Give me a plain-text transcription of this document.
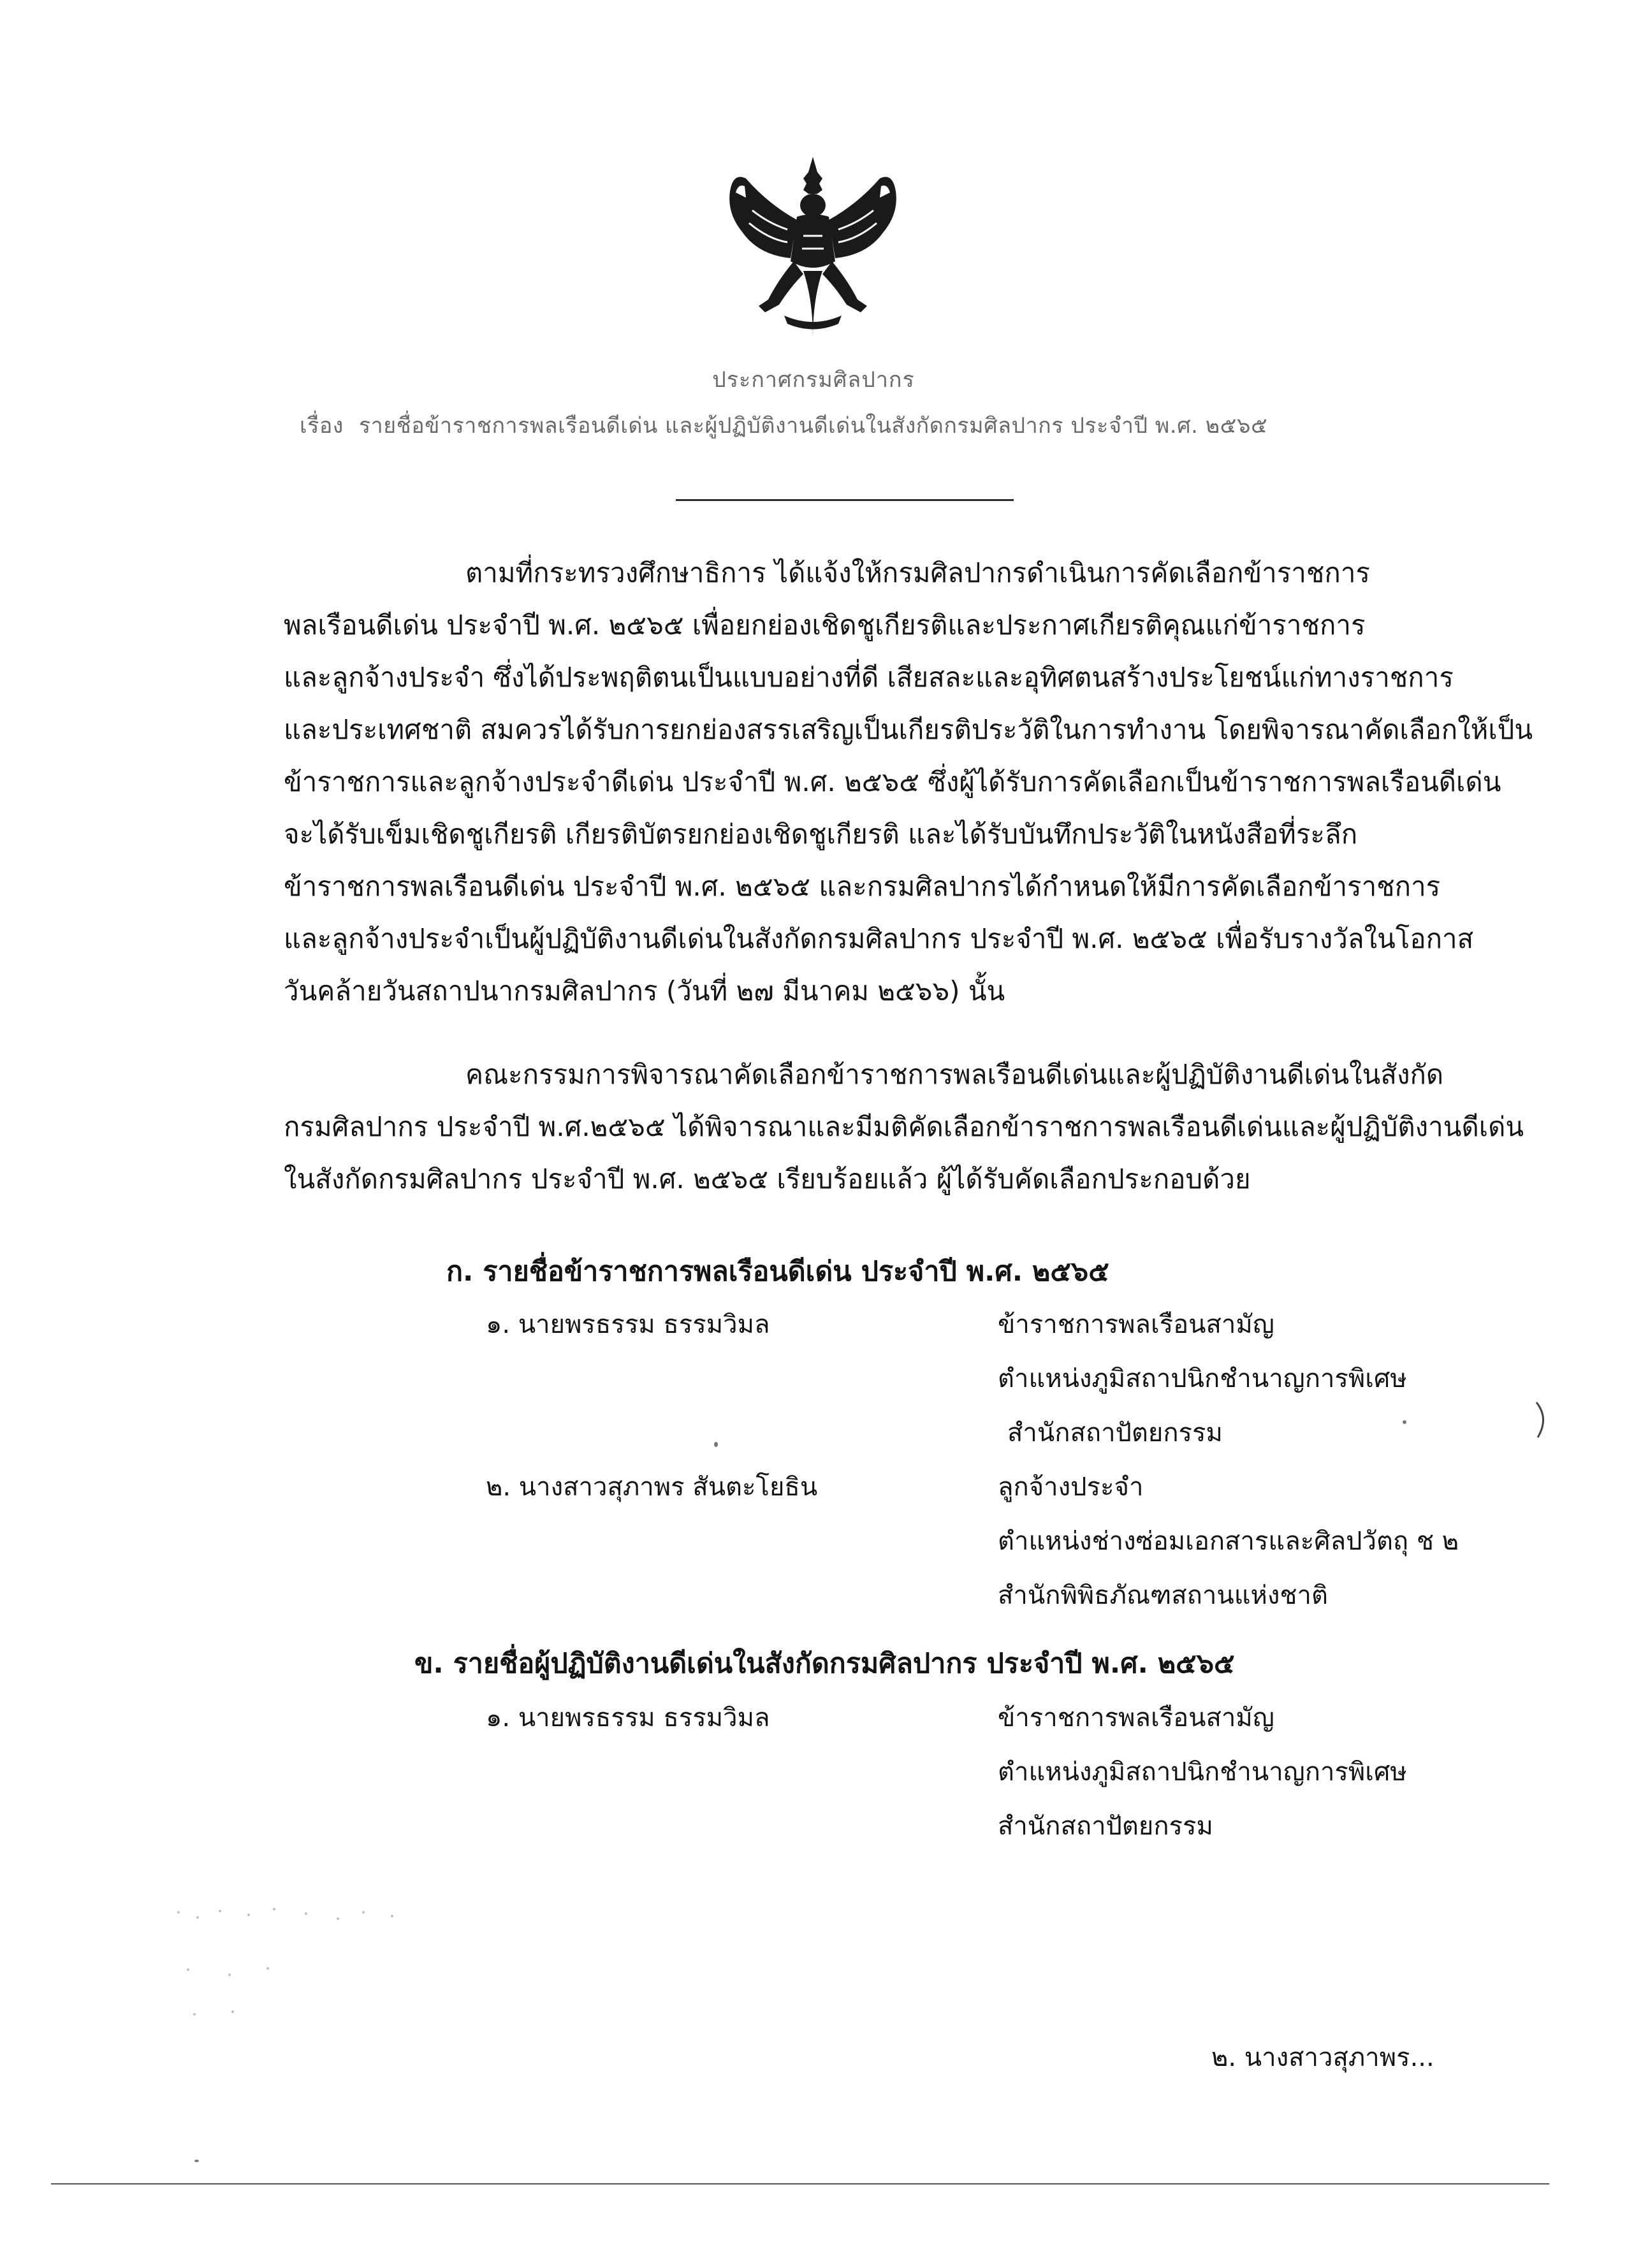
ประกาศกรมศิลปากร
เรื่อง รายชื่อข้าราชการพลเรือนดีเด่น และผู้ปฏิบัติงานดีเด่นในสังกัดกรมศิลปากร ประจำปี พ.ศ. ๒๕๖๕
ตามที่กระทรวงศึกษาธิการ ได้แจ้งให้กรมศิลปากรดำเนินการคัดเลือกข้าราชการ
พลเรือนดีเด่น ประจำปี พ.ศ. ๒๕๖๕ เพื่อยกย่องเชิดชูเกียรติและประกาศเกียรติคุณแก่ข้าราชการ
และลูกจ้างประจำ ซึ่งได้ประพฤติตนเป็นแบบอย่างที่ดี เสียสละและอุทิศตนสร้างประโยชน์แก่ทางราชการ
และประเทศชาติ สมควรได้รับการยกย่องสรรเสริญเป็นเกียรติประวัติในการทำงาน โดยพิจารณาคัดเลือกให้เป็น
ข้าราชการและลูกจ้างประจำดีเด่น ประจำปี พ.ศ. ๒๕๖๕ ซึ่งผู้ได้รับการคัดเลือกเป็นข้าราชการพลเรือนดีเด่น
จะได้รับเข็มเชิดชูเกียรติ เกียรติบัตรยกย่องเชิดชูเกียรติ และได้รับบันทึกประวัติในหนังสือที่ระลึก
ข้าราชการพลเรือนดีเด่น ประจำปี พ.ศ. ๒๕๖๕ และกรมศิลปากรได้กำหนดให้มีการคัดเลือกข้าราชการ
และลูกจ้างประจำเป็นผู้ปฏิบัติงานดีเด่นในสังกัดกรมศิลปากร ประจำปี พ.ศ. ๒๕๖๕ เพื่อรับรางวัลในโอกาส
วันคล้ายวันสถาปนากรมศิลปากร (วันที่ ๒๗ มีนาคม ๒๕๖๖) นั้น
คณะกรรมการพิจารณาคัดเลือกข้าราชการพลเรือนดีเด่นและผู้ปฏิบัติงานดีเด่นในสังกัด
กรมศิลปากร ประจำปี พ.ศ.๒๕๖๕ ได้พิจารณาและมีมติคัดเลือกข้าราชการพลเรือนดีเด่นและผู้ปฏิบัติงานดีเด่น
ในสังกัดกรมศิลปากร ประจำปี พ.ศ. ๒๕๖๕ เรียบร้อยแล้ว ผู้ได้รับคัดเลือกประกอบด้วย
ก. รายชื่อข้าราชการพลเรือนดีเด่น ประจำปี พ.ศ. ๒๕๖๕
๑. นายพรธรรม ธรรมวิมล	ข้าราชการพลเรือนสามัญ
ตำแหน่งภูมิสถาปนิกชำนาญการพิเศษ
สำนักสถาปัตยกรรม
๒. นางสาวสุภาพร สันตะโยธิน	ลูกจ้างประจำ
ตำแหน่งช่างซ่อมเอกสารและศิลปวัตถุ ช ๒
สำนักพิพิธภัณฑสถานแห่งชาติ
ข. รายชื่อผู้ปฏิบัติงานดีเด่นในสังกัดกรมศิลปากร ประจำปี พ.ศ. ๒๕๖๕
๑. นายพรธรรม ธรรมวิมล	ข้าราชการพลเรือนสามัญ
ตำแหน่งภูมิสถาปนิกชำนาญการพิเศษ
สำนักสถาปัตยกรรม
๒. นางสาวสุภาพร...
